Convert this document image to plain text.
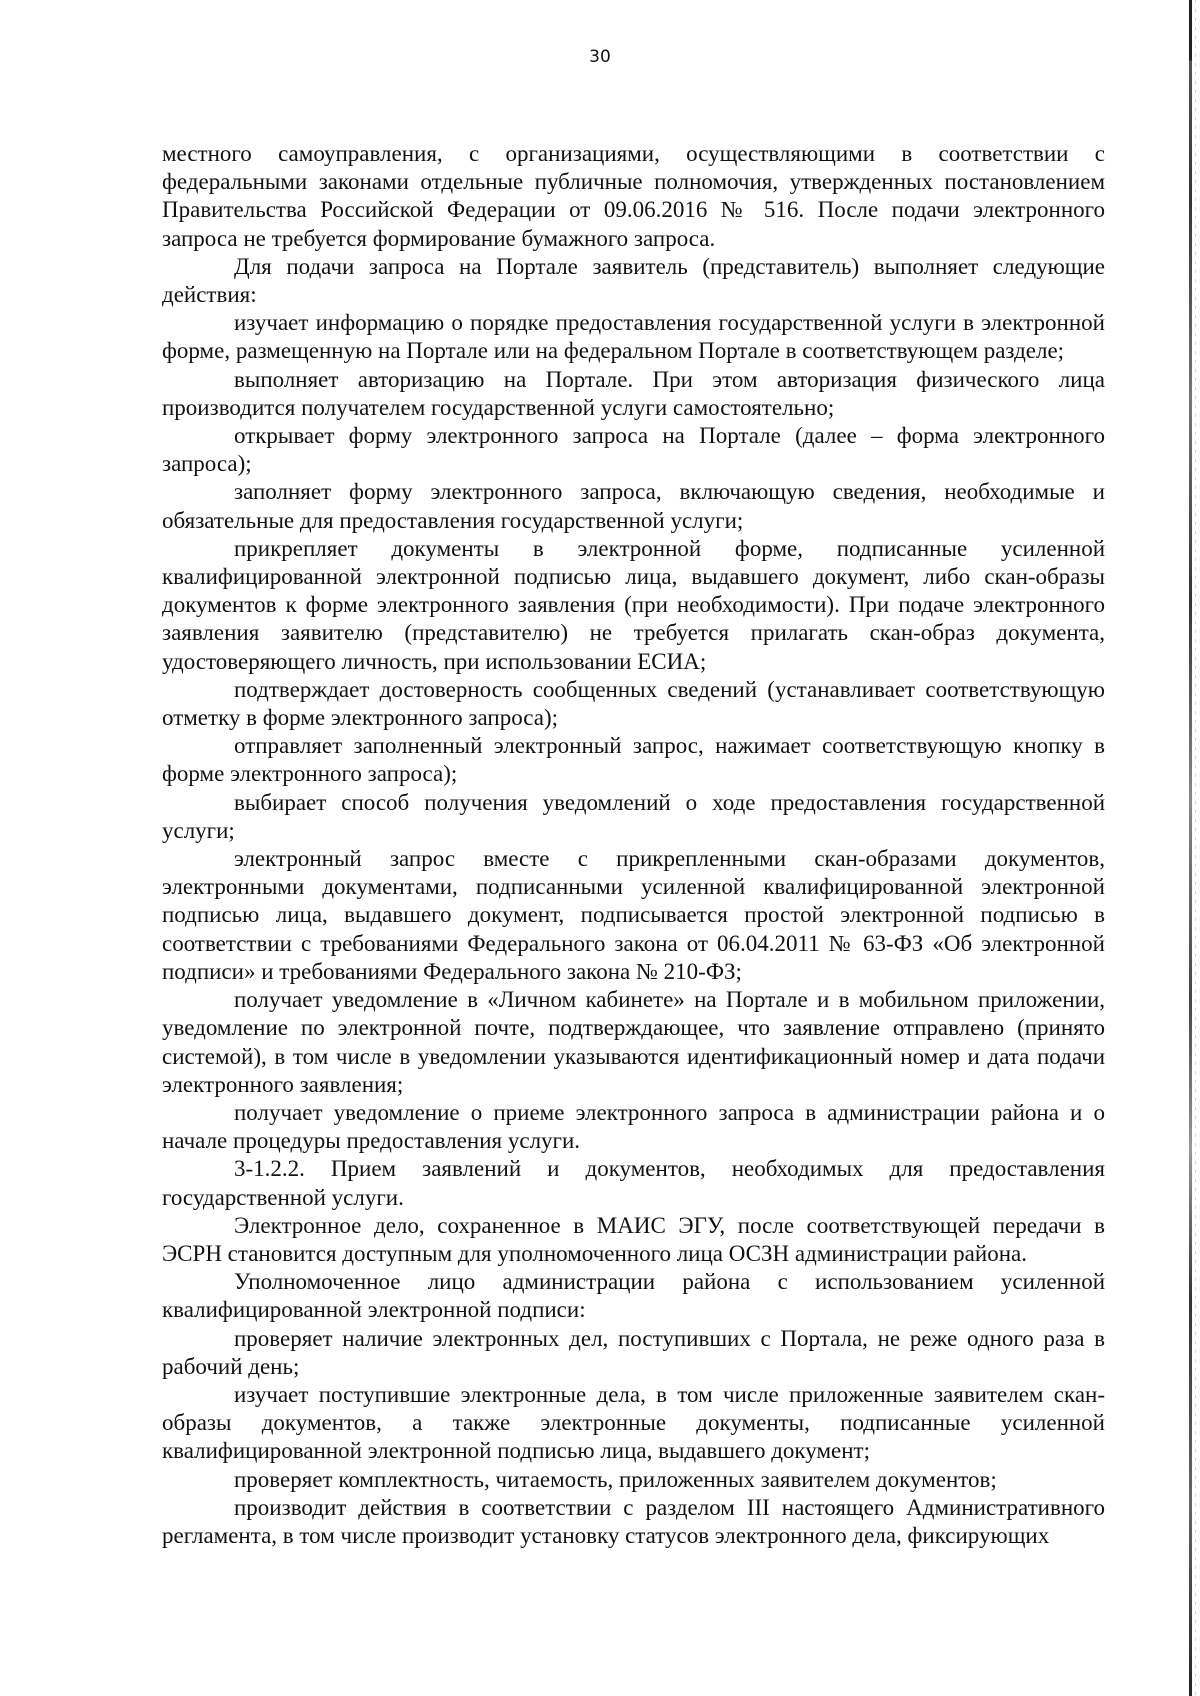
30

местного самоуправления, с организациями, осуществляющими в соответствии с федеральными законами отдельные публичные полномочия, утвержденных постановлением Правительства Российской Федерации от 09.06.2016 № 516. После подачи электронного запроса не требуется формирование бумажного запроса.

Для подачи запроса на Портале заявитель (представитель) выполняет следующие действия:

изучает информацию о порядке предоставления государственной услуги в электронной форме, размещенную на Портале или на федеральном Портале в соответствующем разделе;

выполняет авторизацию на Портале. При этом авторизация физического лица производится получателем государственной услуги самостоятельно;

открывает форму электронного запроса на Портале (далее – форма электронного запроса);

заполняет форму электронного запроса, включающую сведения, необходимые и обязательные для предоставления государственной услуги;

прикрепляет документы в электронной форме, подписанные усиленной квалифицированной электронной подписью лица, выдавшего документ, либо скан-образы документов к форме электронного заявления (при необходимости). При подаче электронного заявления заявителю (представителю) не требуется прилагать скан-образ документа, удостоверяющего личность, при использовании ЕСИА;

подтверждает достоверность сообщенных сведений (устанавливает соответствующую отметку в форме электронного запроса);

отправляет заполненный электронный запрос, нажимает соответствующую кнопку в форме электронного запроса);

выбирает способ получения уведомлений о ходе предоставления государственной услуги;

электронный запрос вместе с прикрепленными скан-образами документов, электронными документами, подписанными усиленной квалифицированной электронной подписью лица, выдавшего документ, подписывается простой электронной подписью в соответствии с требованиями Федерального закона от 06.04.2011 № 63-ФЗ «Об электронной подписи» и требованиями Федерального закона № 210-ФЗ;

получает уведомление в «Личном кабинете» на Портале и в мобильном приложении, уведомление по электронной почте, подтверждающее, что заявление отправлено (принято системой), в том числе в уведомлении указываются идентификационный номер и дата подачи электронного заявления;

получает уведомление о приеме электронного запроса в администрации района и о начале процедуры предоставления услуги.

3-1.2.2. Прием заявлений и документов, необходимых для предоставления государственной услуги.

Электронное дело, сохраненное в МАИС ЭГУ, после соответствующей передачи в ЭСРН становится доступным для уполномоченного лица ОСЗН администрации района.

Уполномоченное лицо администрации района с использованием усиленной квалифицированной электронной подписи:

проверяет наличие электронных дел, поступивших с Портала, не реже одного раза в рабочий день;

изучает поступившие электронные дела, в том числе приложенные заявителем скан-образы документов, а также электронные документы, подписанные усиленной квалифицированной электронной подписью лица, выдавшего документ;

проверяет комплектность, читаемость, приложенных заявителем документов;

производит действия в соответствии с разделом III настоящего Административного регламента, в том числе производит установку статусов электронного дела, фиксирующих
